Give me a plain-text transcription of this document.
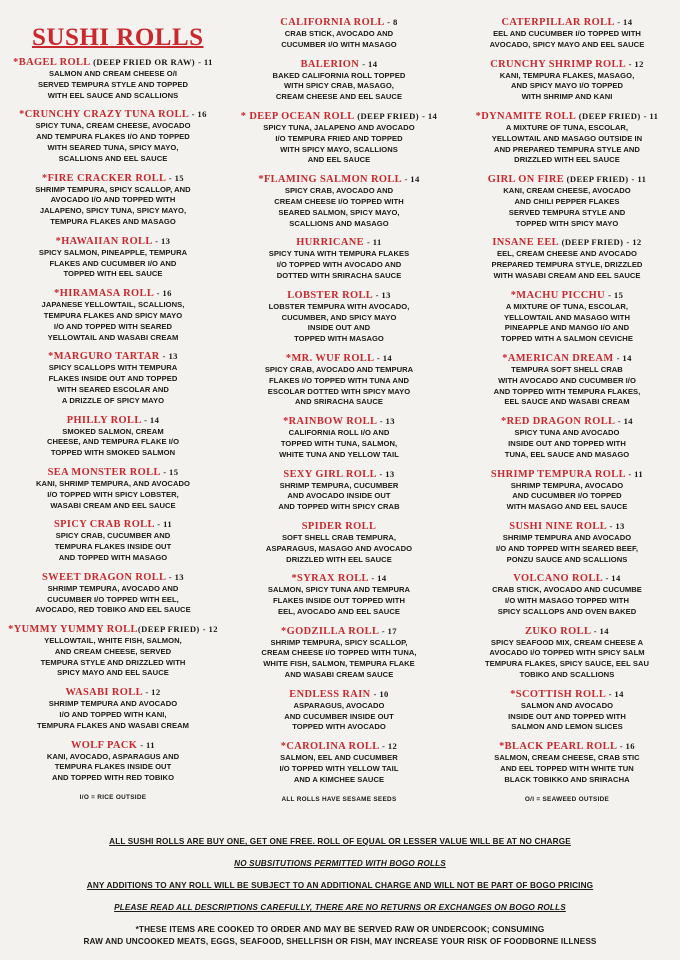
SUSHI ROLLS
*BAGEL ROLL (DEEP FRIED OR RAW) - 11
SALMON AND CREAM CHEESE O/I
SERVED TEMPURA STYLE AND TOPPED
WITH EEL SAUCE AND SCALLIONS
*CRUNCHY CRAZY TUNA ROLL - 16
SPICY TUNA, CREAM CHEESE, AVOCADO
AND TEMPURA FLAKES I/O AND TOPPED
WITH SEARED TUNA, SPICY MAYO,
SCALLIONS AND EEL SAUCE
*FIRE CRACKER ROLL - 15
SHRIMP TEMPURA, SPICY SCALLOP, AND
AVOCADO I/O AND TOPPED WITH
JALAPENO, SPICY TUNA, SPICY MAYO,
TEMPURA FLAKES AND MASAGO
*HAWAIIAN ROLL - 13
SPICY SALMON, PINEAPPLE, TEMPURA
FLAKES AND CUCUMBER I/O AND
TOPPED WITH EEL SAUCE
*HIRAMASA ROLL - 16
JAPANESE YELLOWTAIL, SCALLIONS,
TEMPURA FLAKES AND SPICY MAYO
I/O AND TOPPED WITH SEARED
YELLOWTAIL AND WASABI CREAM
*MARGURO TARTAR - 13
SPICY SCALLOPS WITH TEMPURA
FLAKES INSIDE OUT AND TOPPED
WITH SEARED ESCOLAR AND
A DRIZZLE OF SPICY MAYO
PHILLY ROLL - 14
SMOKED SALMON, CREAM
CHEESE, AND TEMPURA FLAKE I/O
TOPPED WITH SMOKED SALMON
SEA MONSTER ROLL - 15
KANI, SHRIMP TEMPURA, AND AVOCADO
I/O TOPPED WITH SPICY LOBSTER,
WASABI CREAM AND EEL SAUCE
SPICY CRAB ROLL - 11
SPICY CRAB, CUCUMBER AND
TEMPURA FLAKES INSIDE OUT
AND TOPPED WITH MASAGO
SWEET DRAGON ROLL - 13
SHRIMP TEMPURA, AVOCADO AND
CUCUMBER I/O TOPPED WITH EEL,
AVOCADO, RED TOBIKO AND EEL SAUCE
*YUMMY YUMMY ROLL(DEEP FRIED) - 12
YELLOWTAIL, WHITE FISH, SALMON,
AND CREAM CHEESE, SERVED
TEMPURA STYLE AND DRIZZLED WITH
SPICY MAYO AND EEL SAUCE
WASABI ROLL - 12
SHRIMP TEMPURA AND AVOCADO
I/O AND TOPPED WITH KANI,
TEMPURA FLAKES AND WASABI CREAM
WOLF PACK - 11
KANI, AVOCADO, ASPARAGUS AND
TEMPURA FLAKES INSIDE OUT
AND TOPPED WITH RED TOBIKO
I/O = RICE OUTSIDE
CALIFORNIA ROLL - 8
CRAB STICK, AVOCADO AND
CUCUMBER I/O WITH MASAGO
BALERION - 14
BAKED CALIFORNIA ROLL TOPPED
WITH SPICY CRAB, MASAGO,
CREAM CHEESE AND EEL SAUCE
* DEEP OCEAN ROLL (DEEP FRIED) - 14
SPICY TUNA, JALAPENO AND AVOCADO
I/O TEMPURA FRIED AND TOPPED
WITH SPICY MAYO, SCALLIONS
AND EEL SAUCE
*FLAMING SALMON ROLL - 14
SPICY CRAB, AVOCADO AND
CREAM CHEESE I/O TOPPED WITH
SEARED SALMON, SPICY MAYO,
SCALLIONS AND MASAGO
HURRICANE - 11
SPICY TUNA WITH TEMPURA FLAKES
I/O TOPPED WITH AVOCADO AND
DOTTED WITH SRIRACHA SAUCE
LOBSTER ROLL - 13
LOBSTER TEMPURA WITH AVOCADO,
CUCUMBER, AND SPICY MAYO
INSIDE OUT AND
TOPPED WITH MASAGO
*MR. WUF ROLL - 14
SPICY CRAB, AVOCADO AND TEMPURA
FLAKES I/O TOPPED WITH TUNA AND
ESCOLAR DOTTED WITH SPICY MAYO
AND SRIRACHA SAUCE
*RAINBOW ROLL - 13
CALIFORNIA ROLL I/O AND
TOPPED WITH TUNA, SALMON,
WHITE TUNA AND YELLOW TAIL
SEXY GIRL ROLL - 13
SHRIMP TEMPURA, CUCUMBER
AND AVOCADO INSIDE OUT
AND TOPPED WITH SPICY CRAB
SPIDER ROLL
SOFT SHELL CRAB TEMPURA,
ASPARAGUS, MASAGO AND AVOCADO
DRIZZLED WITH EEL SAUCE
*SYRAX ROLL - 14
SALMON, SPICY TUNA AND TEMPURA
FLAKES INSIDE OUT TOPPED WITH
EEL, AVOCADO AND EEL SAUCE
*GODZILLA ROLL - 17
SHRIMP TEMPURA, SPICY SCALLOP,
CREAM CHEESE I/O TOPPED WITH TUNA,
WHITE FISH, SALMON, TEMPURA FLAKE
AND WASABI CREAM SAUCE
ENDLESS RAIN - 10
ASPARAGUS, AVOCADO
AND CUCUMBER INSIDE OUT
TOPPED WITH AVOCADO
*CAROLINA ROLL - 12
SALMON, EEL AND CUCUMBER
I/O TOPPED WITH YELLOW TAIL
AND A KIMCHEE SAUCE
ALL ROLLS HAVE SESAME SEEDS
CATERPILLAR ROLL - 14
EEL AND CUCUMBER I/O TOPPED WITH
AVOCADO, SPICY MAYO AND EEL SAUCE
CRUNCHY SHRIMP ROLL - 12
KANI, TEMPURA FLAKES, MASAGO,
AND SPICY MAYO I/O TOPPED
WITH SHRIMP AND KANI
*DYNAMITE ROLL (DEEP FRIED) - 11
A MIXTURE OF TUNA, ESCOLAR,
YELLOWTAIL AND MASAGO OUTSIDE IN
AND PREPARED TEMPURA STYLE AND
DRIZZLED WITH EEL SAUCE
GIRL ON FIRE (DEEP FRIED) - 11
KANI, CREAM CHEESE, AVOCADO
AND CHILI PEPPER FLAKES
SERVED TEMPURA STYLE AND
TOPPED WITH SPICY MAYO
INSANE EEL (DEEP FRIED) - 12
EEL, CREAM CHEESE AND AVOCADO
PREPARED TEMPURA STYLE, DRIZZLED
WITH WASABI CREAM AND EEL SAUCE
*MACHU PICCHU - 15
A MIXTURE OF TUNA, ESCOLAR,
YELLOWTAIL AND MASAGO WITH
PINEAPPLE AND MANGO I/O AND
TOPPED WITH A SALMON CEVICHE
*AMERICAN DREAM - 14
TEMPURA SOFT SHELL CRAB
WITH AVOCADO AND CUCUMBER I/O
AND TOPPED WITH TEMPURA FLAKES,
EEL SAUCE AND WASABI CREAM
*RED DRAGON ROLL - 14
SPICY TUNA AND AVOCADO
INSIDE OUT AND TOPPED WITH
TUNA, EEL SAUCE AND MASAGO
SHRIMP TEMPURA ROLL - 11
SHRIMP TEMPURA, AVOCADO
AND CUCUMBER I/O TOPPED
WITH MASAGO AND EEL SAUCE
SUSHI NINE ROLL - 13
SHRIMP TEMPURA AND AVOCADO
I/O AND TOPPED WITH SEARED BEEF,
PONZU SAUCE AND SCALLIONS
VOLCANO ROLL - 14
CRAB STICK, AVOCADO AND CUCUMBE
I/O WITH MASAGO TOPPED WITH
SPICY SCALLOPS AND OVEN BAKED
ZUKO ROLL - 14
SPICY SEAFOOD MIX, CREAM CHEESE A
AVOCADO I/O TOPPED WITH SPICY SALM
TEMPURA FLAKES, SPICY SAUCE, EEL SAU
TOBIKO AND SCALLIONS
*SCOTTISH ROLL - 14
SALMON AND AVOCADO
INSIDE OUT AND TOPPED WITH
SALMON AND LEMON SLICES
*BLACK PEARL ROLL - 16
SALMON, CREAM CHEESE, CRAB STIC
AND EEL TOPPED WITH WHITE TUN
BLACK TOBIKKO AND SRIRACHA
O/I = SEAWEED OUTSIDE
ALL SUSHI ROLLS ARE BUY ONE, GET ONE FREE. ROLL OF EQUAL OR LESSER VALUE WILL BE AT NO CHARGE
NO SUBSITUTIONS PERMITTED WITH BOGO ROLLS
ANY ADDITIONS TO ANY ROLL WILL BE SUBJECT TO AN ADDITIONAL CHARGE AND WILL NOT BE PART OF BOGO PRICING
PLEASE READ ALL DESCRIPTIONS CAREFULLY, THERE ARE NO RETURNS OR EXCHANGES ON BOGO ROLLS
*THESE ITEMS ARE COOKED TO ORDER AND MAY BE SERVED RAW OR UNDERCOOK; CONSUMING
RAW AND UNCOOKED MEATS, EGGS, SEAFOOD, SHELLFISH OR FISH, MAY INCREASE YOUR RISK OF FOODBORNE ILLNESS
